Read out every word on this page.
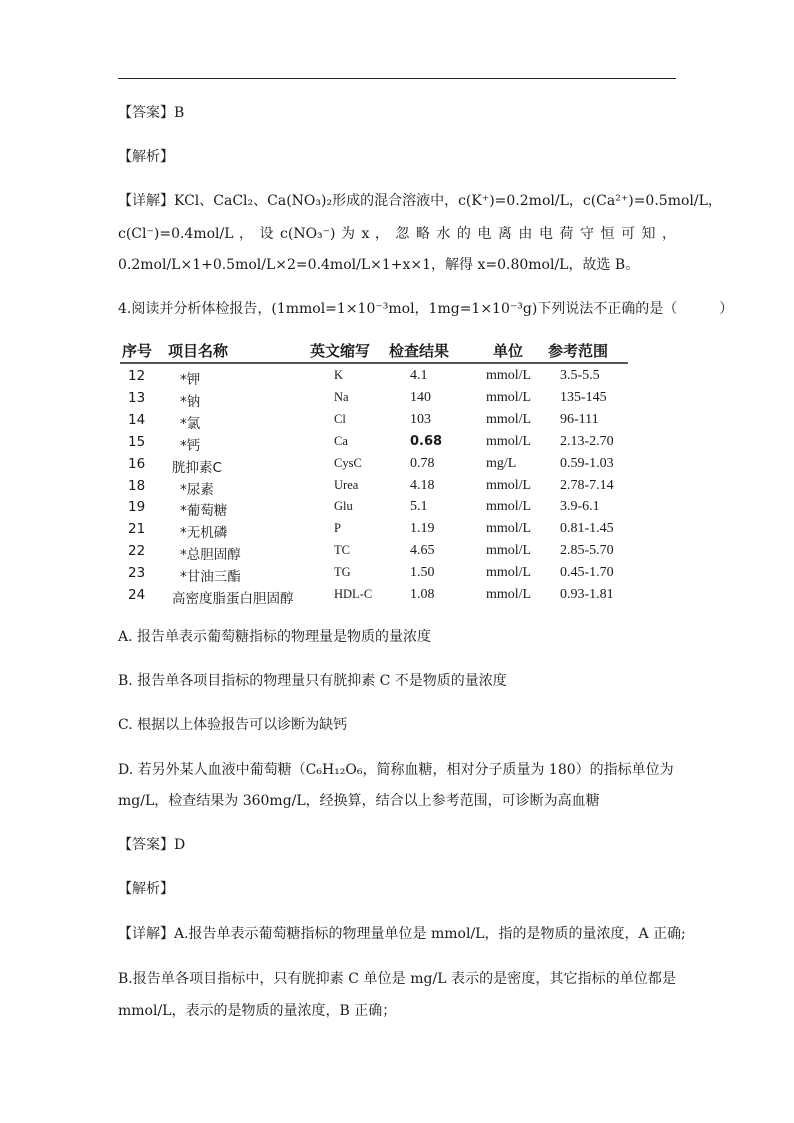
【答案】B
【解析】
【详解】KCl、CaCl₂、Ca(NO₃)₂形成的混合溶液中，c(K⁺)=0.2mol/L，c(Ca²⁺)=0.5mol/L，
c(Cl⁻)=0.4mol/L ， 设 c(NO₃⁻) 为 x ， 忽 略 水 的 电 离 由 电 荷 守 恒 可 知 ，
0.2mol/L×1+0.5mol/L×2=0.4mol/L×1+x×1，解得 x=0.80mol/L，故选 B。
4.阅读并分析体检报告，(1mmol=1×10⁻³mol，1mg=1×10⁻³g)下列说法不正确的是（　　　）
序号 项目名称	英文缩写 检查结果	单位 参考范围
12	*钾	K	4.1	mmol/L 3.5-5.5
13	*钠	Na	140	mmol/L 135-145
14	*氯	Cl	103	mmol/L 96-111
15	*钙	Ca	0.68	mmol/L 2.13-2.70
16 胱抑素C	CysC	0.78	mg/L	0.59-1.03
18	*尿素	Urea	4.18	mmol/L 2.78-7.14
19	*葡萄糖	Glu	5.1	mmol/L 3.9-6.1
21	*无机磷	P	1.19	mmol/L 0.81-1.45
22	*总胆固醇	TC	4.65	mmol/L 2.85-5.70
23	*甘油三酯	TG	1.50	mmol/L 0.45-1.70
24 高密度脂蛋白胆固醇	HDL-C	1.08	mmol/L 0.93-1.81
A. 报告单表示葡萄糖指标的物理量是物质的量浓度
B. 报告单各项目指标的物理量只有胱抑素 C 不是物质的量浓度
C. 根据以上体验报告可以诊断为缺钙
D. 若另外某人血液中葡萄糖（C₆H₁₂O₆，简称血糖，相对分子质量为 180）的指标单位为
mg/L，检查结果为 360mg/L，经换算，结合以上参考范围，可诊断为高血糖
【答案】D
【解析】
【详解】A.报告单表示葡萄糖指标的物理量单位是 mmol/L，指的是物质的量浓度，A 正确;
B.报告单各项目指标中，只有胱抑素 C 单位是 mg/L 表示的是密度，其它指标的单位都是
mmol/L，表示的是物质的量浓度，B 正确；
